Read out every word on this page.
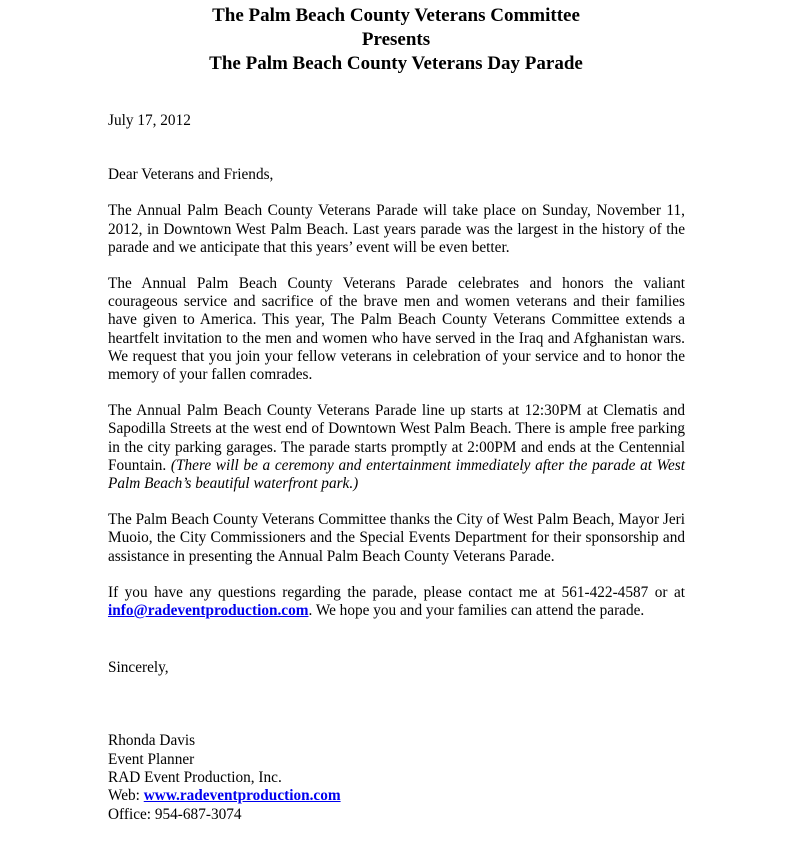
The Palm Beach County Veterans Committee
Presents
The Palm Beach County Veterans Day Parade
July 17, 2012
Dear Veterans and Friends,

The Annual Palm Beach County Veterans Parade will take place on Sunday, November 11, 2012, in Downtown West Palm Beach. Last years parade was the largest in the history of the parade and we anticipate that this years’ event will be even better.

The Annual Palm Beach County Veterans Parade celebrates and honors the valiant courageous service and sacrifice of the brave men and women veterans and their families have given to America. This year, The Palm Beach County Veterans Committee extends a heartfelt invitation to the men and women who have served in the Iraq and Afghanistan wars. We request that you join your fellow veterans in celebration of your service and to honor the memory of your fallen comrades.

The Annual Palm Beach County Veterans Parade line up starts at 12:30PM at Clematis and Sapodilla Streets at the west end of Downtown West Palm Beach. There is ample free parking in the city parking garages. The parade starts promptly at 2:00PM and ends at the Centennial Fountain. (There will be a ceremony and entertainment immediately after the parade at West Palm Beach’s beautiful waterfront park.)

The Palm Beach County Veterans Committee thanks the City of West Palm Beach, Mayor Jeri Muoio, the City Commissioners and the Special Events Department for their sponsorship and assistance in presenting the Annual Palm Beach County Veterans Parade.

If you have any questions regarding the parade, please contact me at 561-422-4587 or at info@radeventproduction.com. We hope you and your families can attend the parade.

Sincerely,
Rhonda Davis
Event Planner
RAD Event Production, Inc.
Web: www.radeventproduction.com
Office: 954-687-3074
